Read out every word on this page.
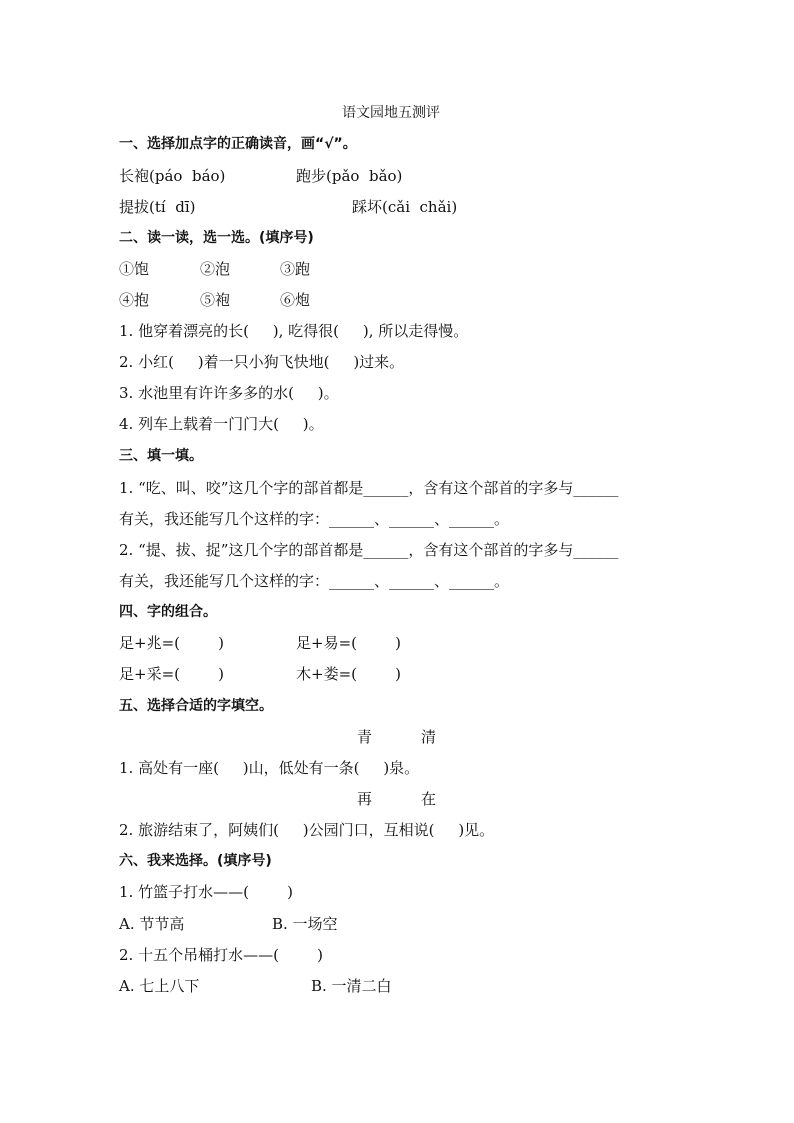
语文园地五测评
一、选择加点字的正确读音，画“√”。
长袍(páo  báo)	跑步(pǎo  bǎo)
提拔(tí  dī)	踩坏(cǎi  chǎi)
二、读一读，选一选。(填序号)
①饱	②泡	③跑
④抱	⑤袍	⑥炮
1. 他穿着漂亮的长(     ), 吃得很(     ), 所以走得慢。
2. 小红(     )着一只小狗飞快地(     )过来。
3. 水池里有许许多多的水(     )。
4. 列车上载着一门门大(     )。
三、填一填。
1. “吃、叫、咬”这几个字的部首都是______，含有这个部首的字多与______
有关，我还能写几个这样的字：______、______、______。
2. “提、拔、捉”这几个字的部首都是______，含有这个部首的字多与______
有关，我还能写几个这样的字：______、______、______。
四、字的组合。
足+兆=(        )	足+易=(        )
足+采=(        )	木+娄=(        )
五、选择合适的字填空。
青	清
1. 高处有一座(     )山，低处有一条(     )泉。
再	在
2. 旅游结束了，阿姨们(     )公园门口，互相说(     )见。
六、我来选择。(填序号)
1. 竹篮子打水——(        )
A. 节节高	B. 一场空
2. 十五个吊桶打水——(        )
A. 七上八下	B. 一清二白
